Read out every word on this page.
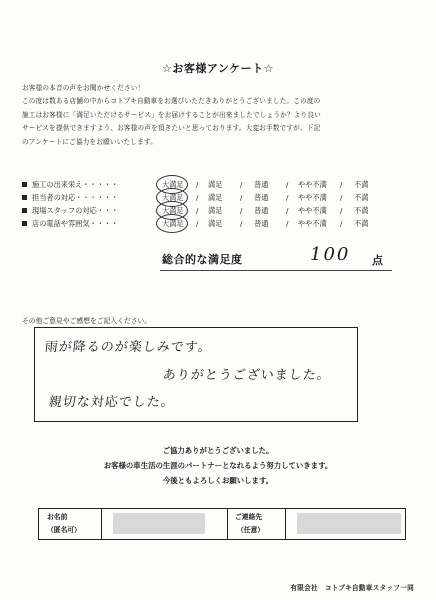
☆お客様アンケート☆
お客様の本音の声をお聞かせください！
この度は数ある店舗の中からコトブキ自動車をお選びいただきありがとうございました。この度の
施工はお客様に「満足いただけるサービス」をお届けすることが出来ましたでしょうか？より良い
サービスを提供できますよう、お客様の声を頂きたいと思っております。大変お手数ですが、下記
のアンケートにご協力をお願いいたします。
施工の出来栄え・・・・・	大満足 / 満足 / 普通 / やや不満 / 不満
担当者の対応・・・・・・	大満足 / 満足 / 普通 / やや不満 / 不満
現場スタッフの対応・・・	大満足 / 満足 / 普通 / やや不満 / 不満
店の電話や雰囲気・・・・	大満足 / 満足 / 普通 / やや不満 / 不満
総合的な満足度	100 点
その他ご意見やご感想をご記入ください。
雨が降るのが楽しみです。
ありがとうございました。
親切な対応でした。
ご協力ありがとうございました。
お客様の車生活の生涯のパートナーとなれるよう努力していきます。
今後ともよろしくお願いします。
お名前
（匿名可）
ご連絡先
（任意）
有限会社　コトブキ自動車スタッフ一同
